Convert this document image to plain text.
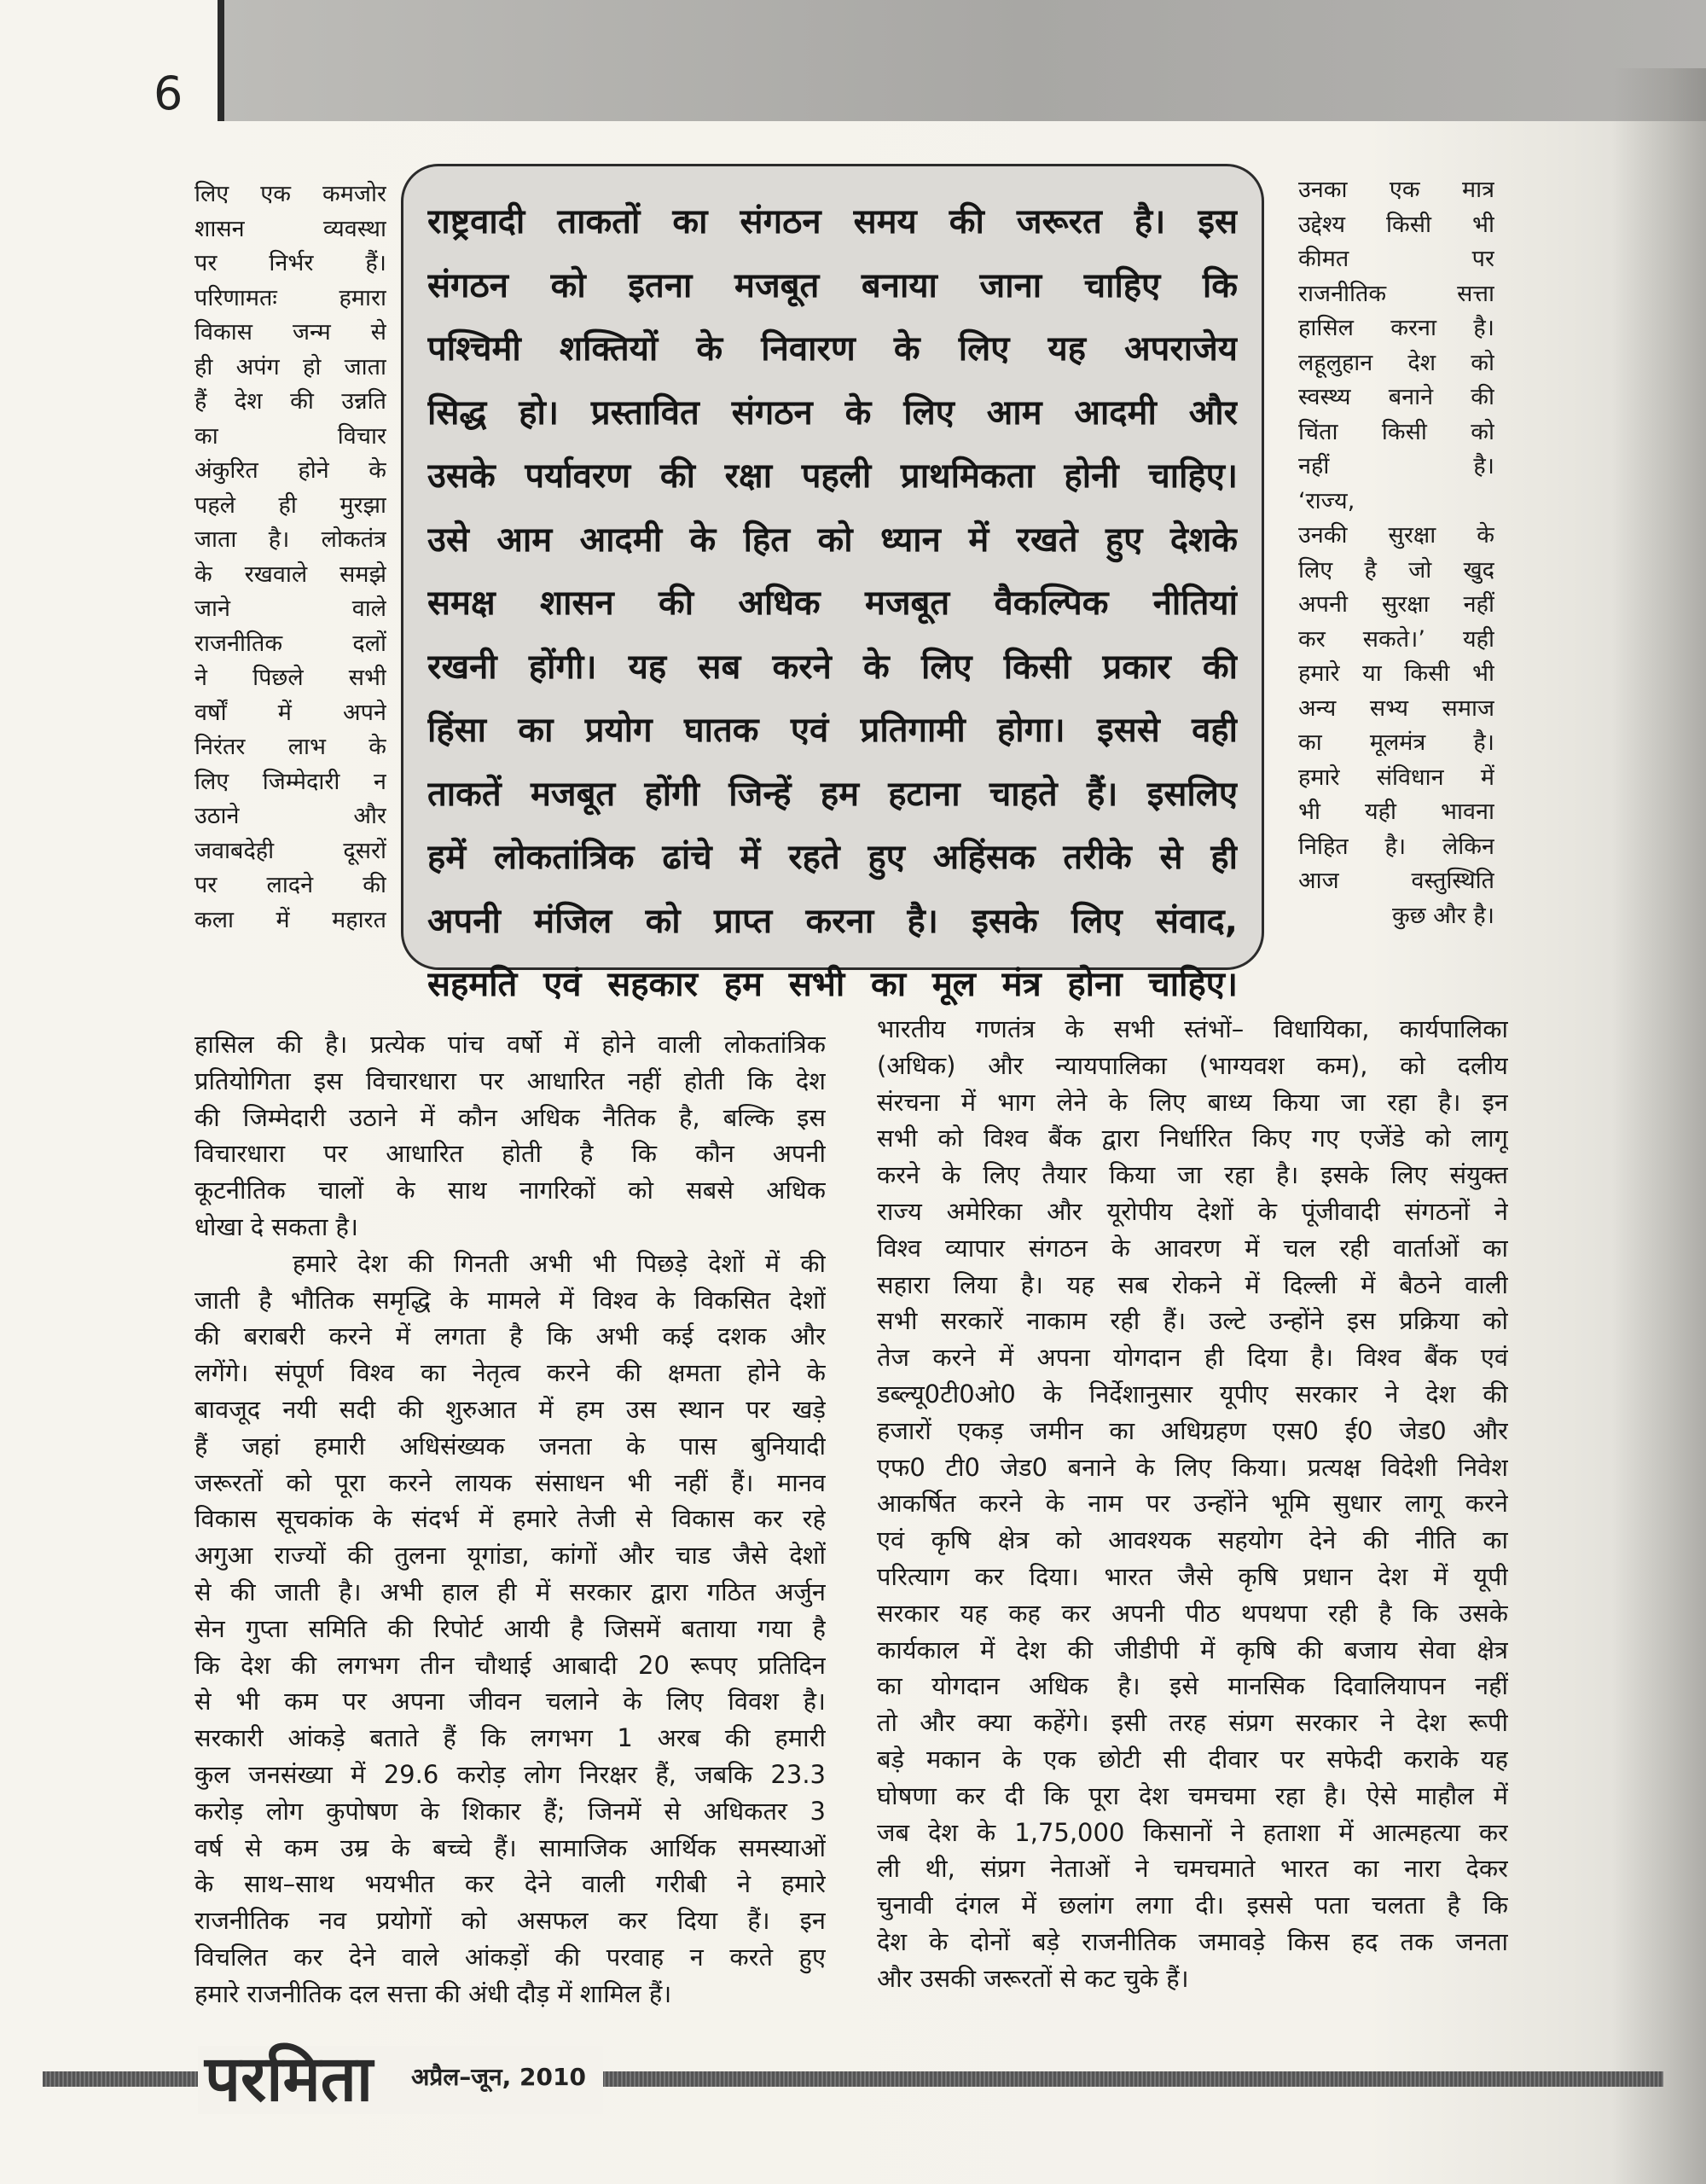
6
लिए एक कमजोर
शासन व्यवस्था
पर निर्भर हैं।
परिणामतः हमारा
विकास जन्म से
ही अपंग हो जाता
हैं देश की उन्नति
का विचार
अंकुरित होने के
पहले ही मुरझा
जाता है। लोकतंत्र
के रखवाले समझे
जाने वाले
राजनीतिक दलों
ने पिछले सभी
वर्षों में अपने
निरंतर लाभ के
लिए जिम्मेदारी न
उठाने और
जवाबदेही दूसरों
पर लादने की
कला में महारत
राष्ट्रवादी ताकतों का संगठन समय की जरूरत है। इस
संगठन को इतना मजबूत बनाया जाना चाहिए कि
पश्चिमी शक्तियों के निवारण के लिए यह अपराजेय
सिद्ध हो। प्रस्तावित संगठन के लिए आम आदमी और
उसके पर्यावरण की रक्षा पहली प्राथमिकता होनी चाहिए।
उसे आम आदमी के हित को ध्यान में रखते हुए देशके
समक्ष शासन की अधिक मजबूत वैकल्पिक नीतियां
रखनी होंगी। यह सब करने के लिए किसी प्रकार की
हिंसा का प्रयोग घातक एवं प्रतिगामी होगा। इससे वही
ताकतें मजबूत होंगी जिन्हें हम हटाना चाहते हैं। इसलिए
हमें लोकतांत्रिक ढांचे में रहते हुए अहिंसक तरीके से ही
अपनी मंजिल को प्राप्त करना है। इसके लिए संवाद,
सहमति एवं सहकार हम सभी का मूल मंत्र होना चाहिए।
उनका एक मात्र
उद्देश्य किसी भी
कीमत पर
राजनीतिक सत्ता
हासिल करना है।
लहूलुहान देश को
स्वस्थ्य बनाने की
चिंता किसी को
नहीं है।
‘राज्य,
उनकी सुरक्षा के
लिए है जो खुद
अपनी सुरक्षा नहीं
कर सकते।’ यही
हमारे या किसी भी
अन्य सभ्य समाज
का मूलमंत्र है।
हमारे संविधान में
भी यही भावना
निहित है। लेकिन
आज वस्तुस्थिति
कुछ और है।
हासिल की है। प्रत्येक पांच वर्षो में होने वाली लोकतांत्रिक
प्रतियोगिता इस विचारधारा पर आधारित नहीं होती कि देश
की जिम्मेदारी उठाने में कौन अधिक नैतिक है, बल्कि इस
विचारधारा पर आधारित होती है कि कौन अपनी
कूटनीतिक चालों के साथ नागरिकों को सबसे अधिक
धोखा दे सकता है।
हमारे देश की गिनती अभी भी पिछड़े देशों में की
जाती है भौतिक समृद्धि के मामले में विश्व के विकसित देशों
की बराबरी करने में लगता है कि अभी कई दशक और
लगेंगे। संपूर्ण विश्व का नेतृत्व करने की क्षमता होने के
बावजूद नयी सदी की शुरुआत में हम उस स्थान पर खड़े
हैं जहां हमारी अधिसंख्यक जनता के पास बुनियादी
जरूरतों को पूरा करने लायक संसाधन भी नहीं हैं। मानव
विकास सूचकांक के संदर्भ में हमारे तेजी से विकास कर रहे
अगुआ राज्यों की तुलना यूगांडा, कांगों और चाड जैसे देशों
से की जाती है। अभी हाल ही में सरकार द्वारा गठित अर्जुन
सेन गुप्ता समिति की रिपोर्ट आयी है जिसमें बताया गया है
कि देश की लगभग तीन चौथाई आबादी 20 रूपए प्रतिदिन
से भी कम पर अपना जीवन चलाने के लिए विवश है।
सरकारी आंकड़े बताते हैं कि लगभग 1 अरब की हमारी
कुल जनसंख्या में 29.6 करोड़ लोग निरक्षर हैं, जबकि 23.3
करोड़ लोग कुपोषण के शिकार हैं; जिनमें से अधिकतर 3
वर्ष से कम उम्र के बच्चे हैं। सामाजिक आर्थिक समस्याओं
के साथ–साथ भयभीत कर देने वाली गरीबी ने हमारे
राजनीतिक नव प्रयोगों को असफल कर दिया हैं। इन
विचलित कर देने वाले आंकड़ों की परवाह न करते हुए
हमारे राजनीतिक दल सत्ता की अंधी दौड़ में शामिल हैं।
भारतीय गणतंत्र के सभी स्तंभों– विधायिका, कार्यपालिका
(अधिक) और न्यायपालिका (भाग्यवश कम), को दलीय
संरचना में भाग लेने के लिए बाध्य किया जा रहा है। इन
सभी को विश्व बैंक द्वारा निर्धारित किए गए एजेंडे को लागू
करने के लिए तैयार किया जा रहा है। इसके लिए संयुक्त
राज्य अमेरिका और यूरोपीय देशों के पूंजीवादी संगठनों ने
विश्व व्यापार संगठन के आवरण में चल रही वार्ताओं का
सहारा लिया है। यह सब रोकने में दिल्ली में बैठने वाली
सभी सरकारें नाकाम रही हैं। उल्टे उन्होंने इस प्रक्रिया को
तेज करने में अपना योगदान ही दिया है। विश्व बैंक एवं
डब्ल्यू0टी0ओ0 के निर्देशानुसार यूपीए सरकार ने देश की
हजारों एकड़ जमीन का अधिग्रहण एस0 ई0 जेड0 और
एफ0 टी0 जेड0 बनाने के लिए किया। प्रत्यक्ष विदेशी निवेश
आकर्षित करने के नाम पर उन्होंने भूमि सुधार लागू करने
एवं कृषि क्षेत्र को आवश्यक सहयोग देने की नीति का
परित्याग कर दिया। भारत जैसे कृषि प्रधान देश में यूपी
सरकार यह कह कर अपनी पीठ थपथपा रही है कि उसके
कार्यकाल में देश की जीडीपी में कृषि की बजाय सेवा क्षेत्र
का योगदान अधिक है। इसे मानसिक दिवालियापन नहीं
तो और क्या कहेंगे। इसी तरह संप्रग सरकार ने देश रूपी
बड़े मकान के एक छोटी सी दीवार पर सफेदी कराके यह
घोषणा कर दी कि पूरा देश चमचमा रहा है। ऐसे माहौल में
जब देश के 1,75,000 किसानों ने हताशा में आत्महत्या कर
ली थी, संप्रग नेताओं ने चमचमाते भारत का नारा देकर
चुनावी दंगल में छलांग लगा दी। इससे पता चलता है कि
देश के दोनों बड़े राजनीतिक जमावड़े किस हद तक जनता
और उसकी जरूरतों से कट चुके हैं।
परमिता अप्रैल–जून, 2010
